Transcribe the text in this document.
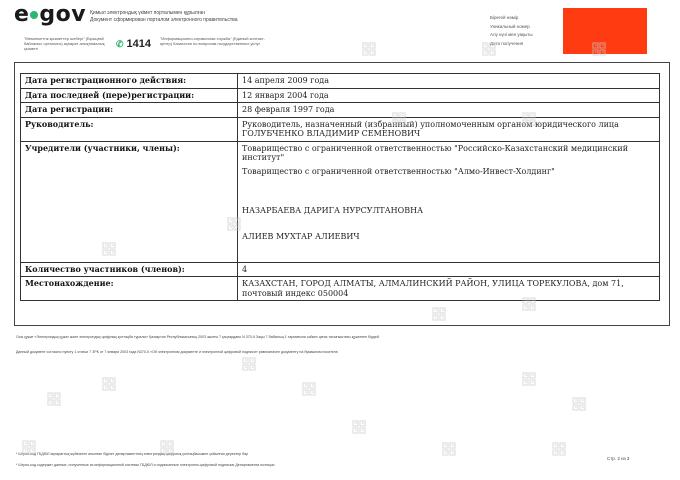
e gov Қимыл электрондық үкімет порталымен құрылған
Документ сформирован порталом электронного правительства
"Мемлекеттік қызметтер шебері" (Бірыңғай байланыс орталығы) ақпарат анықтамалық қызметі	✆ 1414 "Информационно-справочная служба" (Единый контакт-центр) Казахстан по вопросам государственных услуг
Бірегей нөмір
Уникальный номер
Алу күні мен уақыты
Дата получения
Дата регистрационного действия:	14 апреля 2009 года
Дата последней (пере)регистрации:	12 января 2004 года
Дата регистрации:	28 февраля 1997 года
Руководитель:	Руководитель, назначенный (избранный) уполномоченным органом юридического лица ГОЛУБЧЕНКО ВЛАДИМИР СЕМЕНОВИЧ
Учредители (участники, члены):	Товарищество с ограниченной ответственностью "Российско-Казахстанский медицинский институт"
Товарищество с ограниченной ответственностью "Алмо-Инвест-Холдинг"
НАЗАРБАЕВА ДАРИГА НУРСУЛТАНОВНА
АЛИЕВ МУХТАР АЛИЕВИЧ

Количество участников (членов):	4
Местонахождение:	КАЗАХСТАН, ГОРОД АЛМАТЫ, АЛМАЛИНСКИЙ РАЙОН, УЛИЦА ТОРЕКУЛОВА, дом 71, почтовый индекс 050004
Осы құжат «Электрондық құжат және электрондық цифрлық қолтаңба туралы» Қазақстан Республикасының 2003 жылғы 7 қаңтардағы N 370-II Заңы 7 бабының 1 тармағына сәйкес қағаз тасығыштағы құжатпен бірдей.
Данный документ согласно пункту 1 статьи 7 ЗРК от 7 января 2003 года N370-II «Об электронном документе и электронной цифровой подписи» равнозначен документу на бумажном носителе.
* Штрих-код ГБДЮЛ ақпараттық жүйесінен алынған Әділет департаментінің электрондық-цифрлық қолтаңбасымен қойылған деректер бар
* Штрих-код содержит данные, полученные из информационной системы ГБДЮЛ и подписанные электронно-цифровой подписью Департамента юстиции
Стр. 2 из 3
